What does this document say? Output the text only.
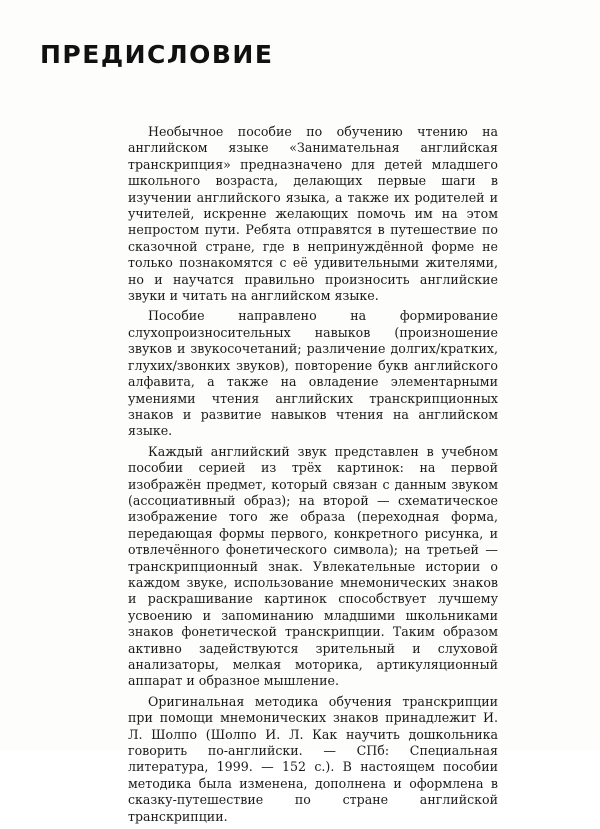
ПРЕДИСЛОВИЕ

Необычное пособие по обучению чтению на английском языке «Занимательная английская транскрипция» предназначено для детей младшего школьного возраста, делающих первые шаги в изучении английского языка, а также их родителей и учителей, искренне желающих помочь им на этом непростом пути. Ребята отправятся в путешествие по сказочной стране, где в непринуждённой форме не только познакомятся с её удивительными жителями, но и научатся правильно произносить английские звуки и читать на английском языке.

Пособие направлено на формирование слухопроизносительных навыков (произношение звуков и звукосочетаний; различение долгих/кратких, глухих/звонких звуков), повторение букв английского алфавита, а также на овладение элементарными умениями чтения английских транскрипционных знаков и развитие навыков чтения на английском языке.

Каждый английский звук представлен в учебном пособии серией из трёх картинок: на первой изображён предмет, который связан с данным звуком (ассоциативный образ); на второй — схематическое изображение того же образа (переходная форма, передающая формы первого, конкретного рисунка, и отвлечённого фонетического символа); на третьей — транскрипционный знак. Увлекательные истории о каждом звуке, использование мнемонических знаков и раскрашивание картинок способствует лучшему усвоению и запоминанию младшими школьниками знаков фонетической транскрипции. Таким образом активно задействуются зрительный и слуховой анализаторы, мелкая моторика, артикуляционный аппарат и образное мышление.

Оригинальная методика обучения транскрипции при помощи мнемонических знаков принадлежит И. Л. Шолпо (Шолпо И. Л. Как научить дошкольника говорить по-английски. — СПб: Специальная литература, 1999. — 152 с.). В настоящем пособии методика была изменена, дополнена и оформлена в сказку-путешествие по стране английской транскрипции.
